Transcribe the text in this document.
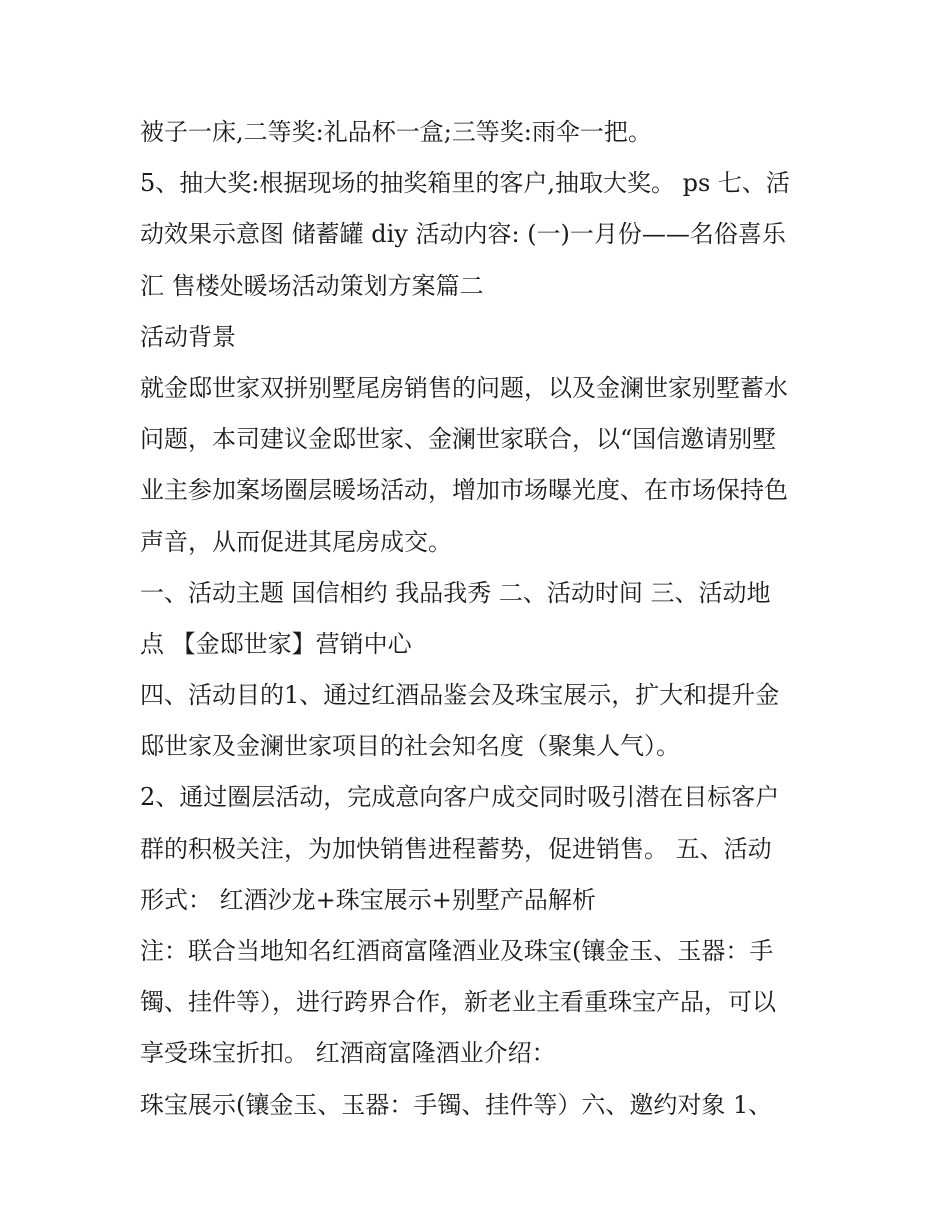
被子一床,二等奖:礼品杯一盒;三等奖:雨伞一把。
5、抽大奖:根据现场的抽奖箱里的客户,抽取大奖。 ps 七、活
动效果示意图 储蓄罐 diy 活动内容: (一)一月份——名俗喜乐
汇 售楼处暖场活动策划方案篇二
活动背景
就金邸世家双拼别墅尾房销售的问题，以及金澜世家别墅蓄水
问题，本司建议金邸世家、金澜世家联合，以“国信邀请别墅
业主参加案场圈层暖场活动，增加市场曝光度、在市场保持色
声音，从而促进其尾房成交。
一、活动主题 国信相约 我品我秀 二、活动时间 三、活动地
点 【金邸世家】营销中心
四、活动目的1、通过红酒品鉴会及珠宝展示，扩大和提升金
邸世家及金澜世家项目的社会知名度（聚集人气）。
2、通过圈层活动，完成意向客户成交同时吸引潜在目标客户
群的积极关注，为加快销售进程蓄势，促进销售。 五、活动
形式： 红酒沙龙+珠宝展示+别墅产品解析
注：联合当地知名红酒商富隆酒业及珠宝(镶金玉、玉器：手
镯、挂件等），进行跨界合作，新老业主看重珠宝产品，可以
享受珠宝折扣。 红酒商富隆酒业介绍：
珠宝展示(镶金玉、玉器：手镯、挂件等）六、邀约对象 1、
